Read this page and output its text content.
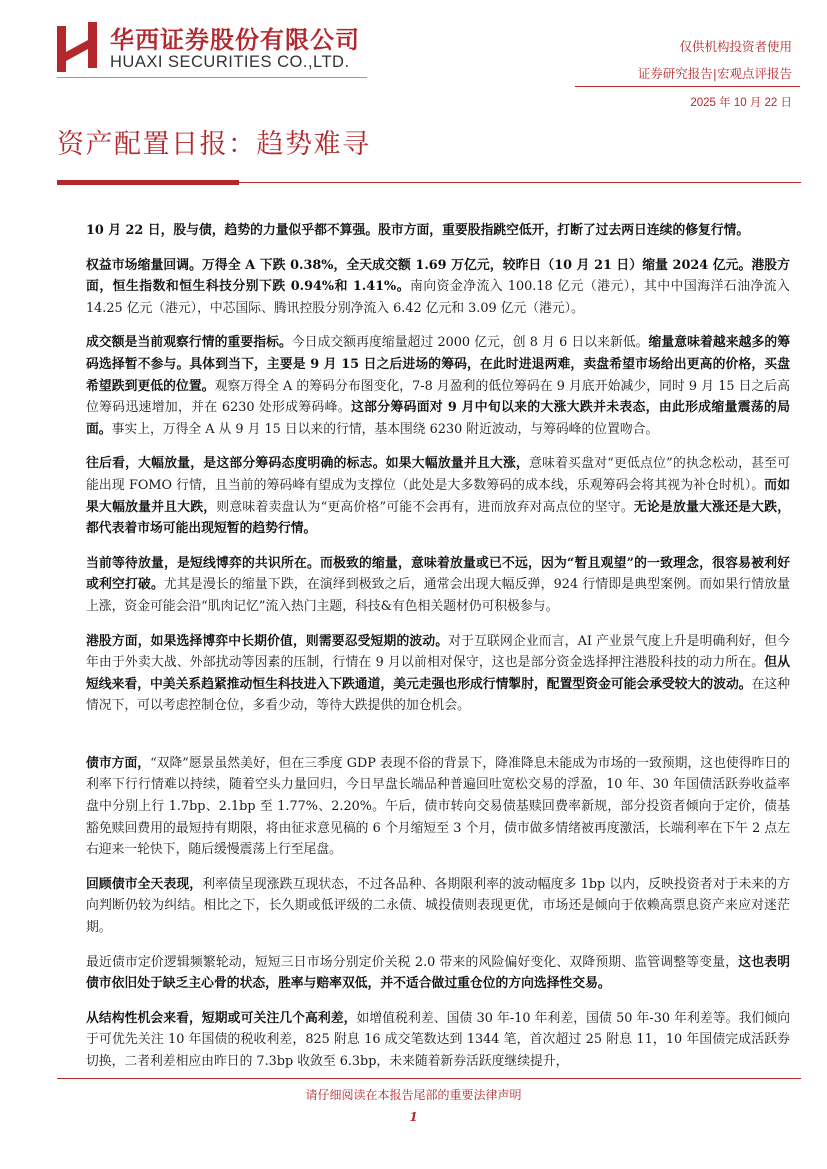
华西证券股份有限公司
HUAXI SECURITIES CO.,LTD.
仅供机构投资者使用
证券研究报告|宏观点评报告
2025 年 10 月 22 日
资产配置日报：趋势难寻

10 月 22 日，股与债，趋势的力量似乎都不算强。股市方面，重要股指跳空低开，打断了过去两日连续的修复行情。

权益市场缩量回调。万得全 A 下跌 0.38%，全天成交额 1.69 万亿元，较昨日（10 月 21 日）缩量 2024 亿元。港股方面，恒生指数和恒生科技分别下跌 0.94%和 1.41%。南向资金净流入 100.18 亿元（港元），其中中国海洋石油净流入 14.25 亿元（港元），中芯国际、腾讯控股分别净流入 6.42 亿元和 3.09 亿元（港元）。

成交额是当前观察行情的重要指标。今日成交额再度缩量超过 2000 亿元，创 8 月 6 日以来新低。缩量意味着越来越多的筹码选择暂不参与。具体到当下，主要是 9 月 15 日之后进场的筹码，在此时进退两难，卖盘希望市场给出更高的价格，买盘希望跌到更低的位置。观察万得全 A 的筹码分布图变化，7-8 月盈利的低位筹码在 9 月底开始减少，同时 9 月 15 日之后高位筹码迅速增加，并在 6230 处形成筹码峰。这部分筹码面对 9 月中旬以来的大涨大跌并未表态，由此形成缩量震荡的局面。事实上，万得全 A 从 9 月 15 日以来的行情，基本围绕 6230 附近波动，与筹码峰的位置吻合。

往后看，大幅放量，是这部分筹码态度明确的标志。如果大幅放量并且大涨，意味着买盘对“更低点位”的执念松动，甚至可能出现 FOMO 行情，且当前的筹码峰有望成为支撑位（此处是大多数筹码的成本线，乐观筹码会将其视为补仓时机）。而如果大幅放量并且大跌，则意味着卖盘认为“更高价格”可能不会再有，进而放弃对高点位的坚守。无论是放量大涨还是大跌，都代表着市场可能出现短暂的趋势行情。

当前等待放量，是短线博弈的共识所在。而极致的缩量，意味着放量或已不远，因为“暂且观望”的一致理念，很容易被利好或利空打破。尤其是漫长的缩量下跌，在演绎到极致之后，通常会出现大幅反弹，924 行情即是典型案例。而如果行情放量上涨，资金可能会沿“肌肉记忆”流入热门主题，科技&有色相关题材仍可积极参与。

港股方面，如果选择博弈中长期价值，则需要忍受短期的波动。对于互联网企业而言，AI 产业景气度上升是明确利好，但今年由于外卖大战、外部扰动等因素的压制，行情在 9 月以前相对保守，这也是部分资金选择押注港股科技的动力所在。但从短线来看，中美关系趋紧推动恒生科技进入下跌通道，美元走强也形成行情掣肘，配置型资金可能会承受较大的波动。在这种情况下，可以考虑控制仓位，多看少动，等待大跌提供的加仓机会。

债市方面，“双降”愿景虽然美好，但在三季度 GDP 表现不俗的背景下，降准降息未能成为市场的一致预期，这也使得昨日的利率下行行情难以持续，随着空头力量回归，今日早盘长端品种普遍回吐宽松交易的浮盈，10 年、30 年国债活跃券收益率盘中分别上行 1.7bp、2.1bp 至 1.77%、2.20%。午后，债市转向交易债基赎回费率新规，部分投资者倾向于定价，债基豁免赎回费用的最短持有期限，将由征求意见稿的 6 个月缩短至 3 个月，债市做多情绪被再度激活，长端利率在下午 2 点左右迎来一轮快下，随后缓慢震荡上行至尾盘。

回顾债市全天表现，利率债呈现涨跌互现状态，不过各品种、各期限利率的波动幅度多 1bp 以内，反映投资者对于未来的方向判断仍较为纠结。相比之下，长久期或低评级的二永债、城投债则表现更优，市场还是倾向于依赖高票息资产来应对迷茫期。

最近债市定价逻辑频繁轮动，短短三日市场分别定价关税 2.0 带来的风险偏好变化、双降预期、监管调整等变量，这也表明债市依旧处于缺乏主心骨的状态，胜率与赔率双低，并不适合做过重仓位的方向选择性交易。

从结构性机会来看，短期或可关注几个高利差，如增值税利差、国债 30 年-10 年利差，国债 50 年-30 年利差等。我们倾向于可优先关注 10 年国债的税收利差，825 附息 16 成交笔数达到 1344 笔，首次超过 25 附息 11，10 年国债完成活跃券切换，二者利差相应由昨日的 7.3bp 收敛至 6.3bp，未来随着新券活跃度继续提升，

请仔细阅读在本报告尾部的重要法律声明
1
